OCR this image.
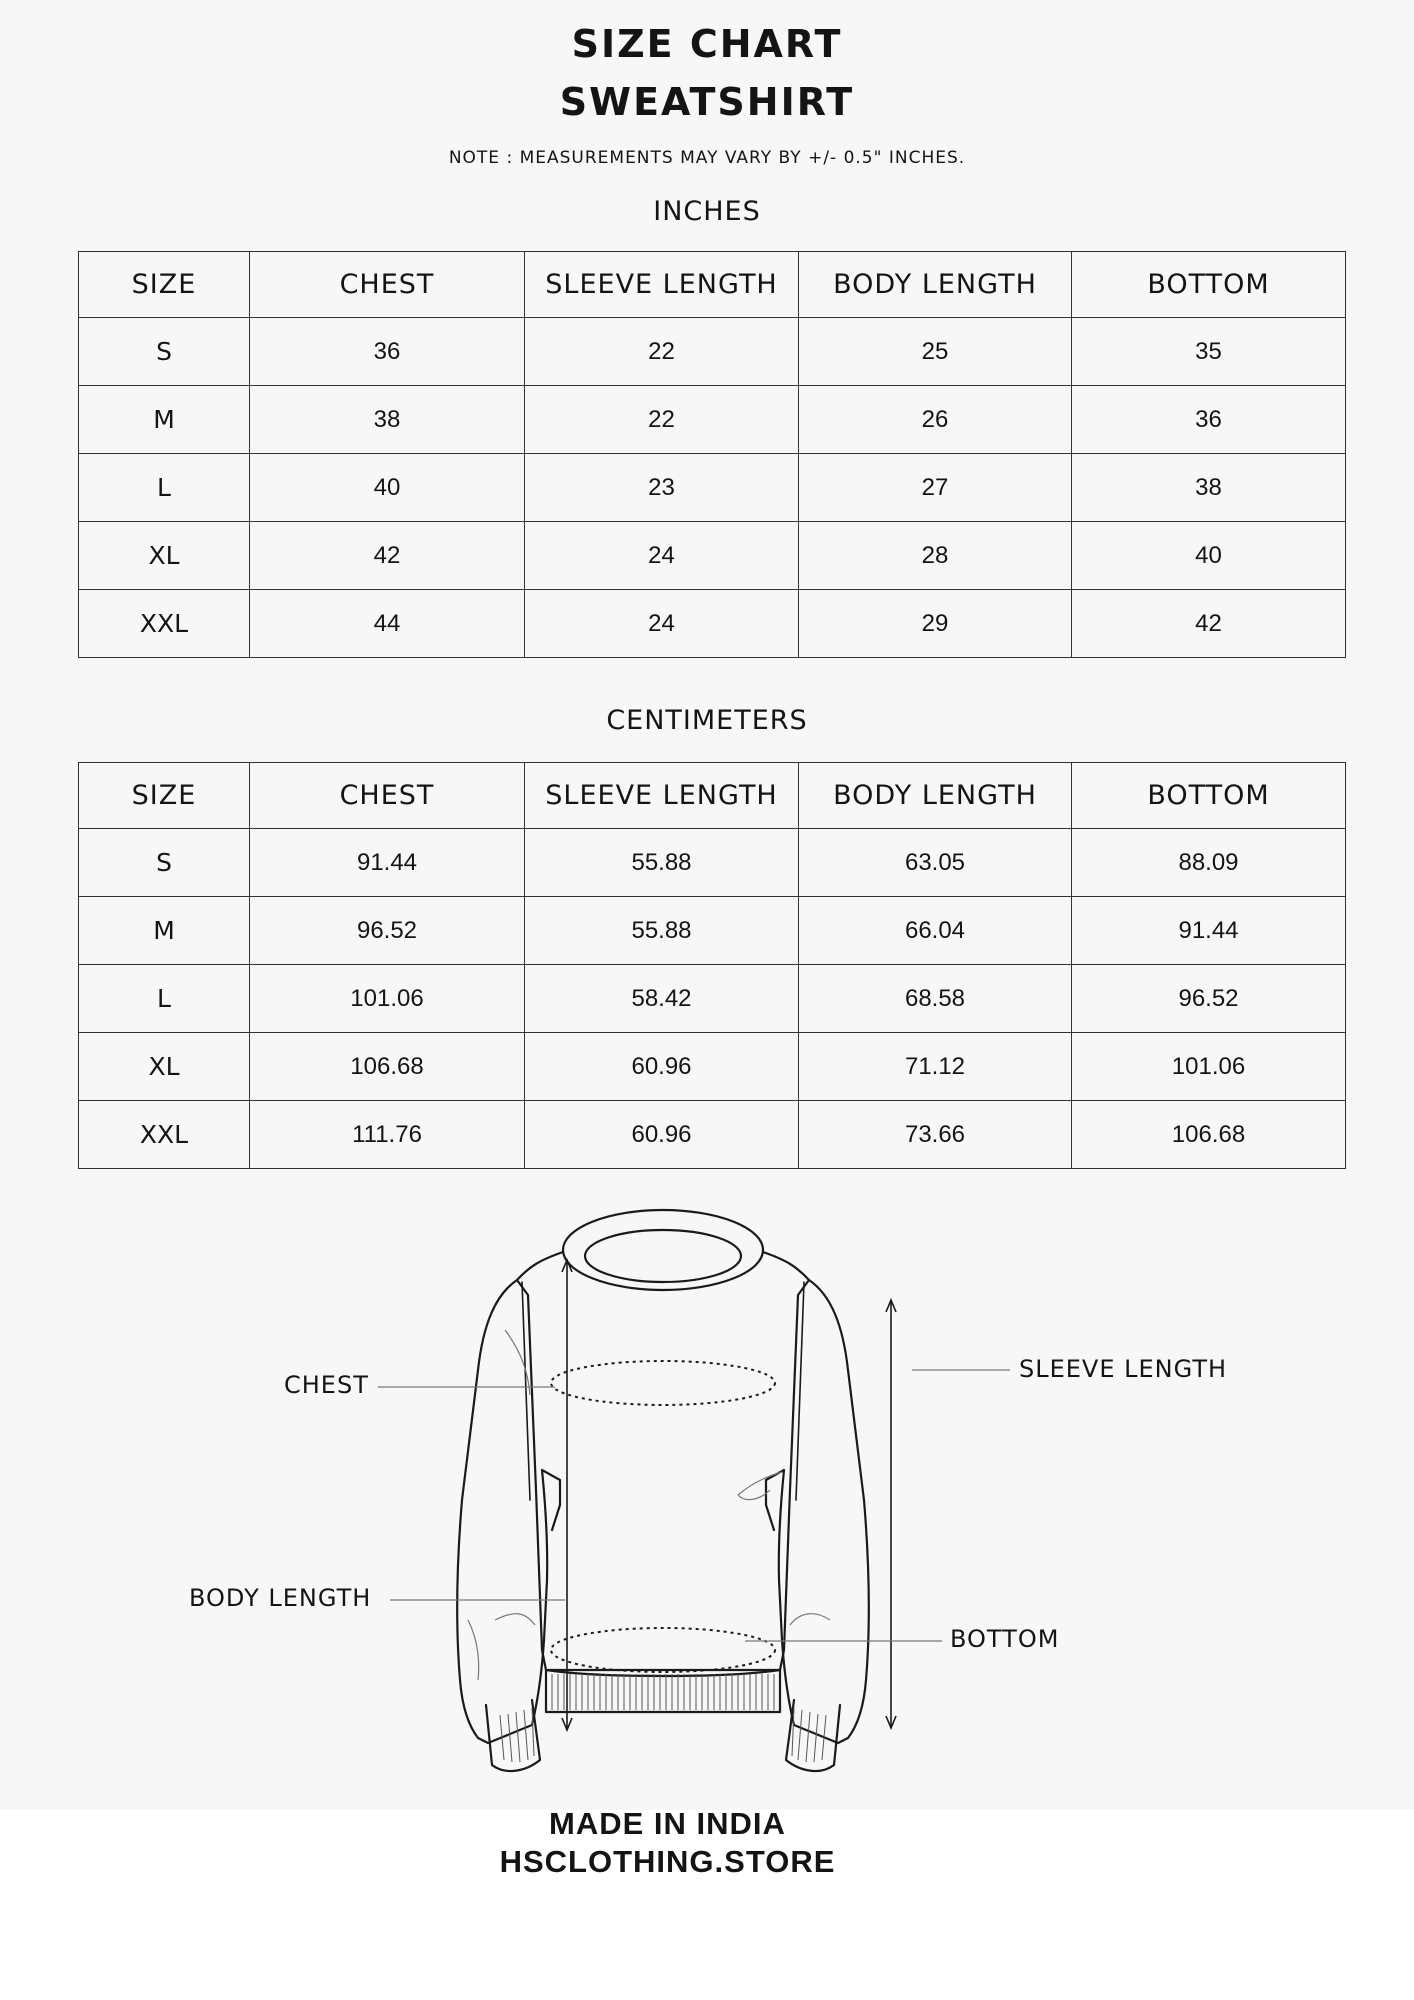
SIZE CHART
SWEATSHIRT
NOTE : MEASUREMENTS MAY VARY BY +/- 0.5" INCHES.
INCHES
SIZE	CHEST	SLEEVE LENGTH	BODY LENGTH	BOTTOM
S	36	22	25	35
M	38	22	26	36
L	40	23	27	38
XL	42	24	28	40
XXL	44	24	29	42
CENTIMETERS
SIZE	CHEST	SLEEVE LENGTH	BODY LENGTH	BOTTOM
S	91.44	55.88	63.05	88.09
M	96.52	55.88	66.04	91.44
L	101.06	58.42	68.58	96.52
XL	106.68	60.96	71.12	101.06
XXL	111.76	60.96	73.66	106.68
CHEST
SLEEVE LENGTH
BODY LENGTH
BOTTOM
MADE IN INDIA
HSCLOTHING.STORE
